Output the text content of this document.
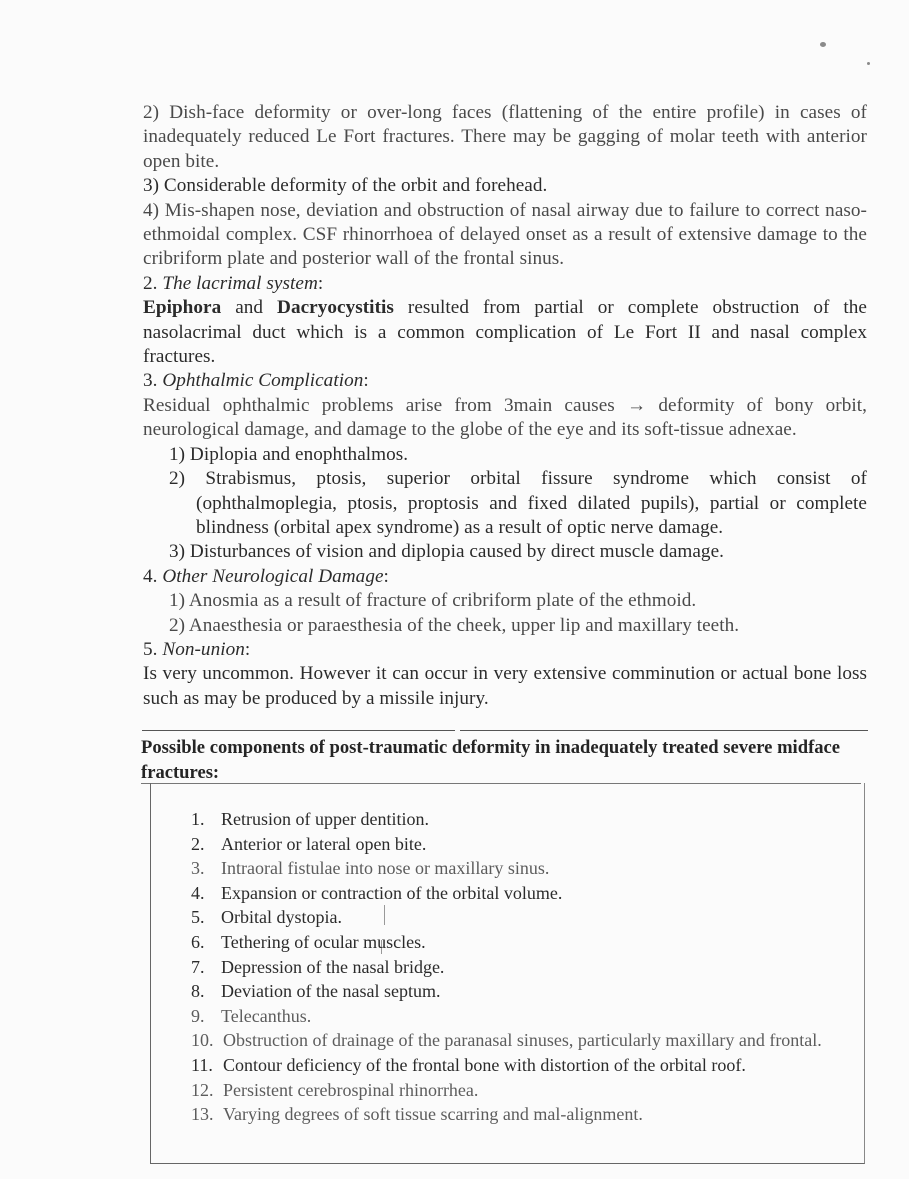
2) Dish-face deformity or over-long faces (flattening of the entire profile) in cases of inadequately reduced Le Fort fractures. There may be gagging of molar teeth with anterior open bite.

3) Considerable deformity of the orbit and forehead.

4) Mis-shapen nose, deviation and obstruction of nasal airway due to failure to correct naso-ethmoidal complex. CSF rhinorrhoea of delayed onset as a result of extensive damage to the cribriform plate and posterior wall of the frontal sinus.

2. The lacrimal system:

Epiphora and Dacryocystitis resulted from partial or complete obstruction of the nasolacrimal duct which is a common complication of Le Fort II and nasal complex fractures.

3. Ophthalmic Complication:

Residual ophthalmic problems arise from 3main causes → deformity of bony orbit, neurological damage, and damage to the globe of the eye and its soft-tissue adnexae.

1) Diplopia and enophthalmos.

2) Strabismus, ptosis, superior orbital fissure syndrome which consist of (ophthalmoplegia, ptosis, proptosis and fixed dilated pupils), partial or complete blindness (orbital apex syndrome) as a result of optic nerve damage.

3) Disturbances of vision and diplopia caused by direct muscle damage.

4. Other Neurological Damage:

1) Anosmia as a result of fracture of cribriform plate of the ethmoid.

2) Anaesthesia or paraesthesia of the cheek, upper lip and maxillary teeth.

5. Non-union:

Is very uncommon. However it can occur in very extensive comminution or actual bone loss such as may be produced by a missile injury.

Possible components of post-traumatic deformity in inadequately treated severe midface fractures:
1. Retrusion of upper dentition.
2. Anterior or lateral open bite.
3. Intraoral fistulae into nose or maxillary sinus.
4. Expansion or contraction of the orbital volume.
5. Orbital dystopia.
6. Tethering of ocular muscles.
7. Depression of the nasal bridge.
8. Deviation of the nasal septum.
9. Telecanthus.
10. Obstruction of drainage of the paranasal sinuses, particularly maxillary and frontal.
11. Contour deficiency of the frontal bone with distortion of the orbital roof.
12. Persistent cerebrospinal rhinorrhea.
13. Varying degrees of soft tissue scarring and mal-alignment.
